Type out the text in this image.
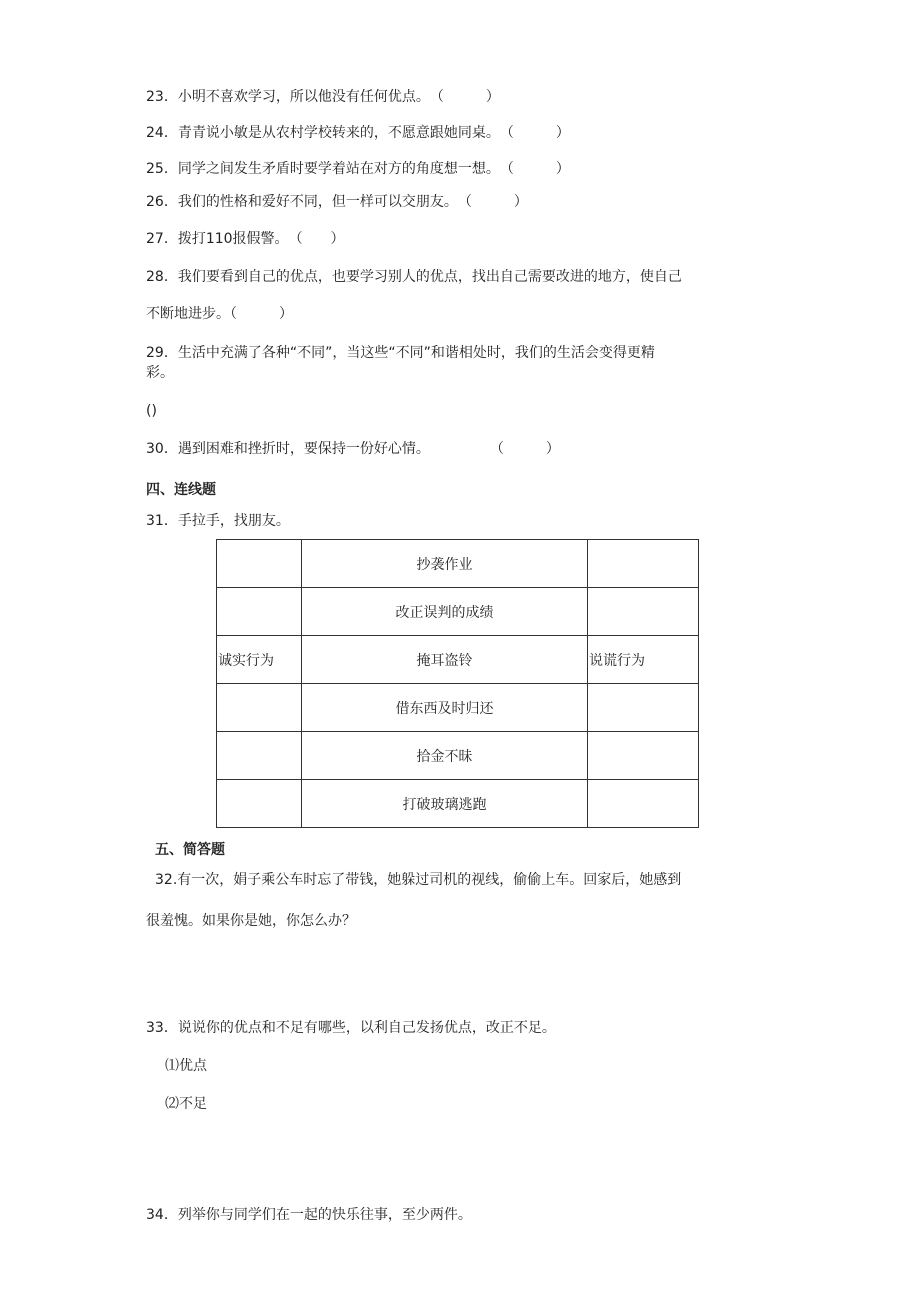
23．小明不喜欢学习，所以他没有任何优点。（　　　）
24．青青说小敏是从农村学校转来的，不愿意跟她同桌。（　　　）
25．同学之间发生矛盾时要学着站在对方的角度想一想。（　　　）
26．我们的性格和爱好不同，但一样可以交朋友。（　　　）
27．拨打110报假警。（　　）
28．我们要看到自己的优点，也要学习别人的优点，找出自己需要改进的地方，使自己
不断地进步。（　　　）
29．生活中充满了各种“不同”，当这些“不同”和谐相处时，我们的生活会变得更精
彩。
()
30．遇到困难和挫折时，要保持一份好心情。	（　　　）
四、连线题
31．手拉手，找朋友。
	抄袭作业	
	改正误判的成绩	
诚实行为	掩耳盗铃	说谎行为
	借东西及时归还	
	拾金不昧	
	打破玻璃逃跑	
五、简答题
32.有一次，娟子乘公车时忘了带钱，她躲过司机的视线，偷偷上车。回家后，她感到
很羞愧。如果你是她，你怎么办？
33．说说你的优点和不足有哪些，以利自己发扬优点，改正不足。
⑴优点
⑵不足
34．列举你与同学们在一起的快乐往事，至少两件。
